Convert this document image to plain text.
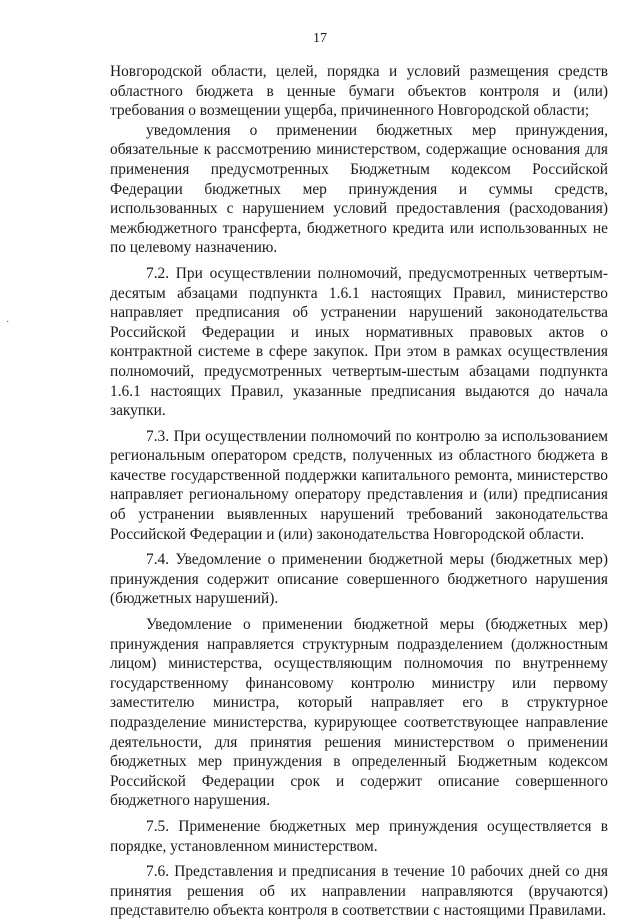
17
·

Новгородской области, целей, порядка и условий размещения средств областного бюджета в ценные бумаги объектов контроля и (или) требования о возмещении ущерба, причиненного Новгородской области;

уведомления о применении бюджетных мер принуждения, обязательные к рассмотрению министерством, содержащие основания для применения предусмотренных Бюджетным кодексом Российской Федерации бюджетных мер принуждения и суммы средств, использованных с нарушением условий предоставления (расходования) межбюджетного трансферта, бюджетного кредита или использованных не по целевому назначению.

7.2. При осуществлении полномочий, предусмотренных четвертым-десятым абзацами подпункта 1.6.1 настоящих Правил, министерство направляет предписания об устранении нарушений законодательства Российской Федерации и иных нормативных правовых актов о контрактной системе в сфере закупок. При этом в рамках осуществления полномочий, предусмотренных четвертым-шестым абзацами подпункта 1.6.1 настоящих Правил, указанные предписания выдаются до начала закупки.

7.3. При осуществлении полномочий по контролю за использованием региональным оператором средств, полученных из областного бюджета в качестве государственной поддержки капитального ремонта, министерство направляет региональному оператору представления и (или) предписания об устранении выявленных нарушений требований законодательства Российской Федерации и (или) законодательства Новгородской области.

7.4. Уведомление о применении бюджетной меры (бюджетных мер) принуждения содержит описание совершенного бюджетного нарушения (бюджетных нарушений).

Уведомление о применении бюджетной меры (бюджетных мер) принуждения направляется структурным подразделением (должностным лицом) министерства, осуществляющим полномочия по внутреннему государственному финансовому контролю министру или первому заместителю министра, который направляет его в структурное подразделение министерства, курирующее соответствующее направление деятельности, для принятия решения министерством о применении бюджетных мер принуждения в определенный Бюджетным кодексом Российской Федерации срок и содержит описание совершенного бюджетного нарушения.

7.5. Применение бюджетных мер принуждения осуществляется в порядке, установленном министерством.

7.6. Представления и предписания в течение 10 рабочих дней со дня принятия решения об их направлении направляются (вручаются) представителю объекта контроля в соответствии с настоящими Правилами.
